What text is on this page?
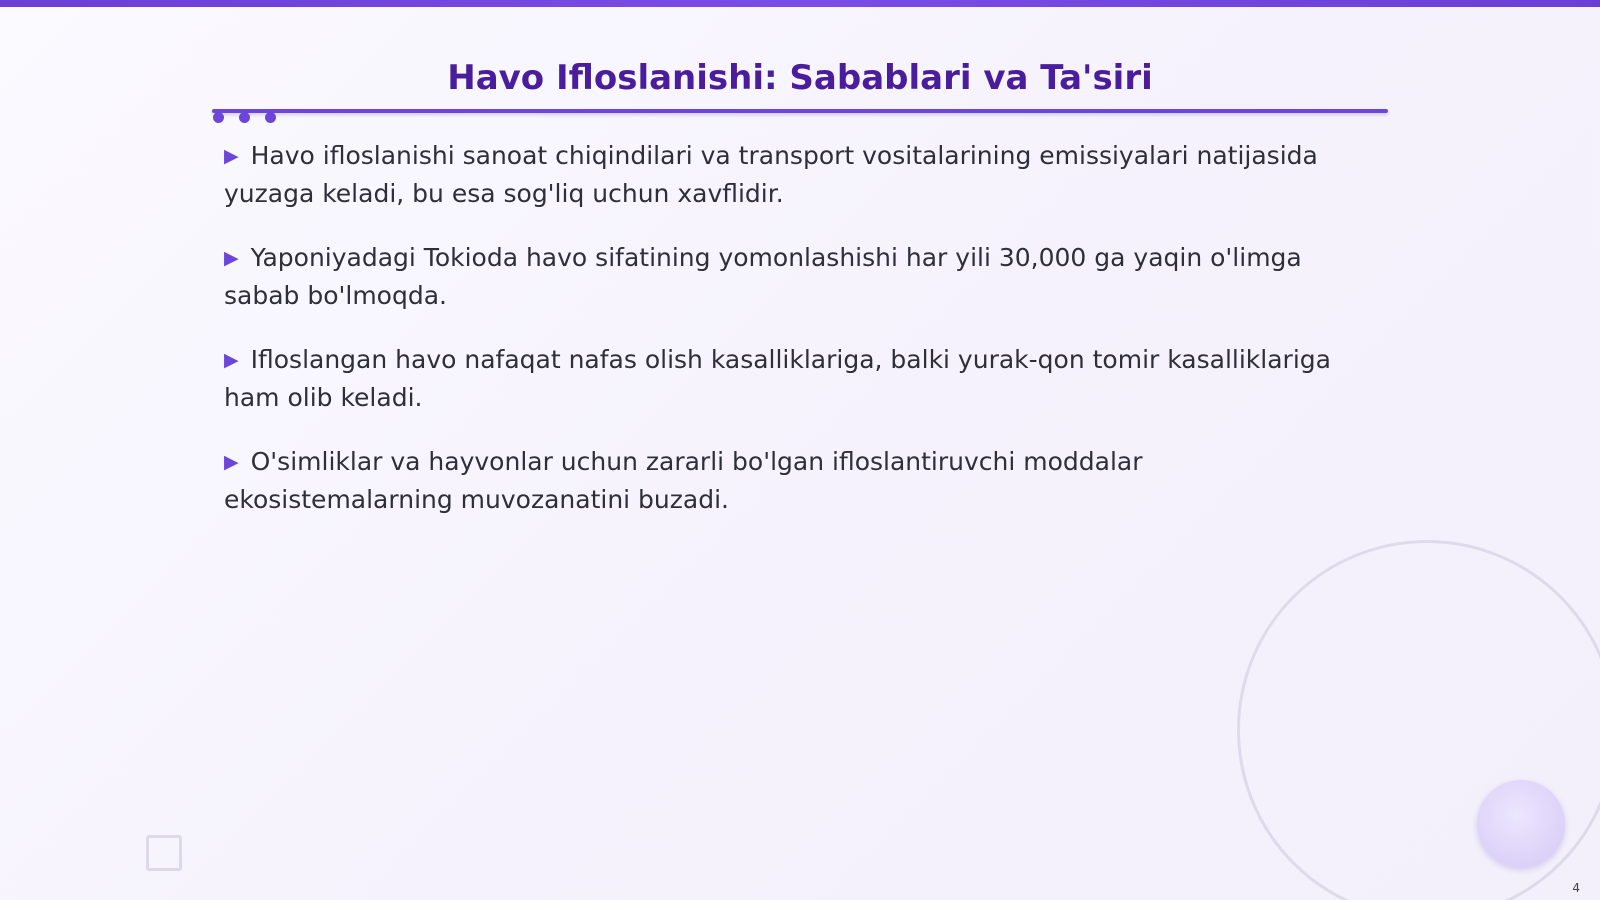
Havo Ifloslanishi: Sabablari va Ta'siri
▶ Havo ifloslanishi sanoat chiqindilari va transport vositalarining emissiyalari natijasida yuzaga keladi, bu esa sog'liq uchun xavflidir.
▶ Yaponiyadagi Tokioda havo sifatining yomonlashishi har yili 30,000 ga yaqin o'limga sabab bo'lmoqda.
▶ Ifloslangan havo nafaqat nafas olish kasalliklariga, balki yurak-qon tomir kasalliklariga ham olib keladi.
▶ O'simliklar va hayvonlar uchun zararli bo'lgan ifloslantiruvchi moddalar ekosistemalarning muvozanatini buzadi.
4
